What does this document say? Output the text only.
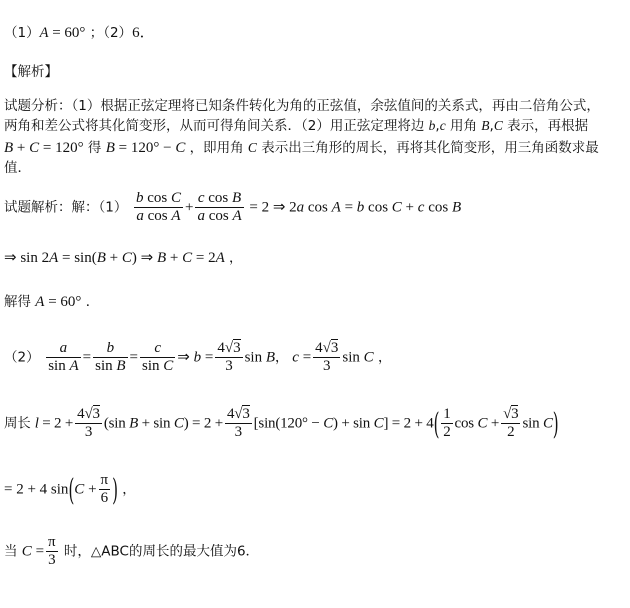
（1）A = 60° ；（2）6．
【解析】
试题分析：（1）根据正弦定理将已知条件转化为角的正弦值，余弦值间的关系式，再由二倍角公式，
两角和差公式将其化简变形，从而可得角间关系．（2）用正弦定理将边 b,c 用角 B,C 表示，再根据
B + C = 120° 得 B = 120° − C ，即用角 C 表示出三角形的周长，再将其化简变形，用三角函数求最
值．
试题解析：解：$(1) \frac{\text{b cos C}}{\text{a cos A}} + \frac{\text{c cos B}}{\text{a cos A}} = 2$ ⇒ 2a cos A = b cos C + c cos B
⇒ sin 2A = sin(B + C) ⇒ B + C = 2A ，
解得 A = 60° ．
$(2) \frac{a}{\text{sin A}} = \frac{b}{\text{sin B}} = \frac{c}{\text{sin C}}$ ⇒ $b = \frac{4√3}{3}$ sin B， $c = \frac{4√3}{3}$ sin C ，
周长 $l = 2 + \frac{4√3}{3} (\sin$ $B + \sin C) = 2 + \frac{4√3}{3} [\sin(120^\circ - C) + \sin C] = 2 + 4( \frac{1}{2}$ $\cos C + \frac{√3}{2}$ sin C)
= 2 + 4 $\sin(C + \frac{\pi}{6}$ ) ，
当 $C = \frac{\pi}{3}$ 时，△ABC的周长的最大值为6．
